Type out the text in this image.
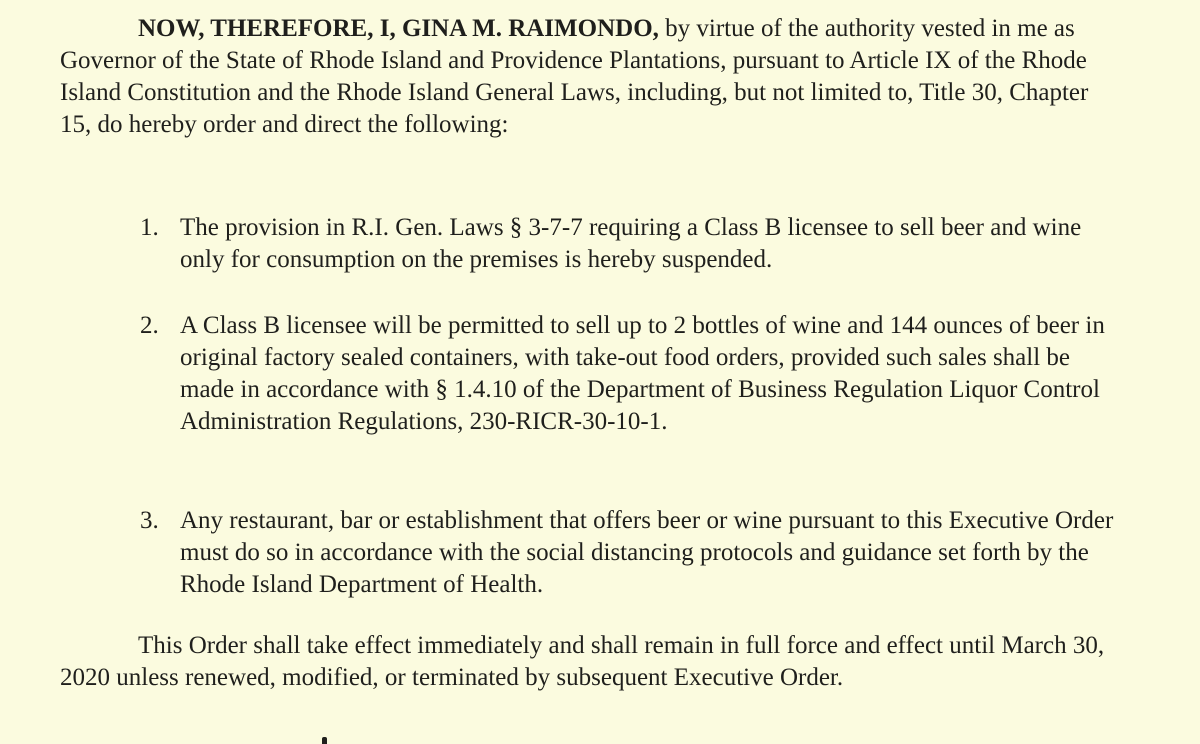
NOW, THEREFORE, I, GINA M. RAIMONDO, by virtue of the authority vested in me as Governor of the State of Rhode Island and Providence Plantations, pursuant to Article IX of the Rhode Island Constitution and the Rhode Island General Laws, including, but not limited to, Title 30, Chapter 15, do hereby order and direct the following:

1. The provision in R.I. Gen. Laws § 3-7-7 requiring a Class B licensee to sell beer and wine only for consumption on the premises is hereby suspended.
2. A Class B licensee will be permitted to sell up to 2 bottles of wine and 144 ounces of beer in original factory sealed containers, with take-out food orders, provided such sales shall be made in accordance with § 1.4.10 of the Department of Business Regulation Liquor Control Administration Regulations, 230-RICR-30-10-1.
3. Any restaurant, bar or establishment that offers beer or wine pursuant to this Executive Order must do so in accordance with the social distancing protocols and guidance set forth by the Rhode Island Department of Health.

This Order shall take effect immediately and shall remain in full force and effect until March 30, 2020 unless renewed, modified, or terminated by subsequent Executive Order.
